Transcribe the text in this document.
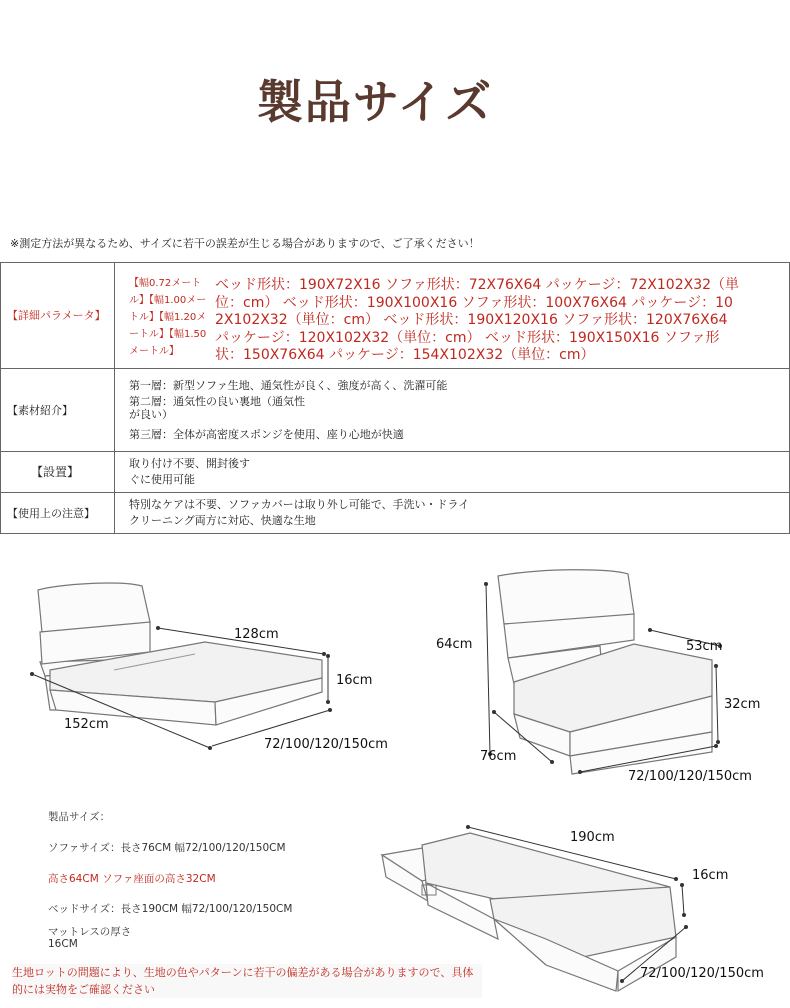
製品サイズ
※測定方法が異なるため、サイズに若干の誤差が生じる場合がありますので、ご了承ください！
【詳細パラメータ】	【幅0.72メートル】【幅1.00メートル】【幅1.20メートル】【幅1.50メートル】ベッド形状：190X72X16 ソファ形状：72X76X64 パッケージ：72X102X32（単位：cm） ベッド形状：190X100X16 ソファ形状：100X76X64 パッケージ：102X102X32（単位：cm） ベッド形状：190X120X16 ソファ形状：120X76X64 パッケージ：120X102X32（単位：cm） ベッド形状：190X150X16 ソファ形状：150X76X64 パッケージ：154X102X32（単位：cm）
【素材紹介】	第一層：新型ソファ生地、通気性が良く、強度が高く、洗濯可能
第二層：通気性の良い裏地（通気性
が良い）
第三層：全体が高密度スポンジを使用、座り心地が快適

【設置】	取り付け不要、開封後す
ぐに使用可能

【使用上の注意】	特別なケアは不要、ソファカバーは取り外し可能で、手洗い・ドライ
クリーニング両方に対応、快適な生地
128cm
16cm
152cm
72/100/120/150cm
64cm	53cm
32cm
76cm
72/100/120/150cm
製品サイズ：
ソファサイズ：長さ76CM 幅72/100/120/150CM
高さ64CM ソファ座面の高さ32CM
ベッドサイズ：長さ190CM 幅72/100/120/150CM
マットレスの厚さ
16CM
190cm
16cm
72/100/120/150cm
生地ロットの問題により、生地の色やパターンに若干の偏差がある場合がありますので、具体的には実物をご確認ください
